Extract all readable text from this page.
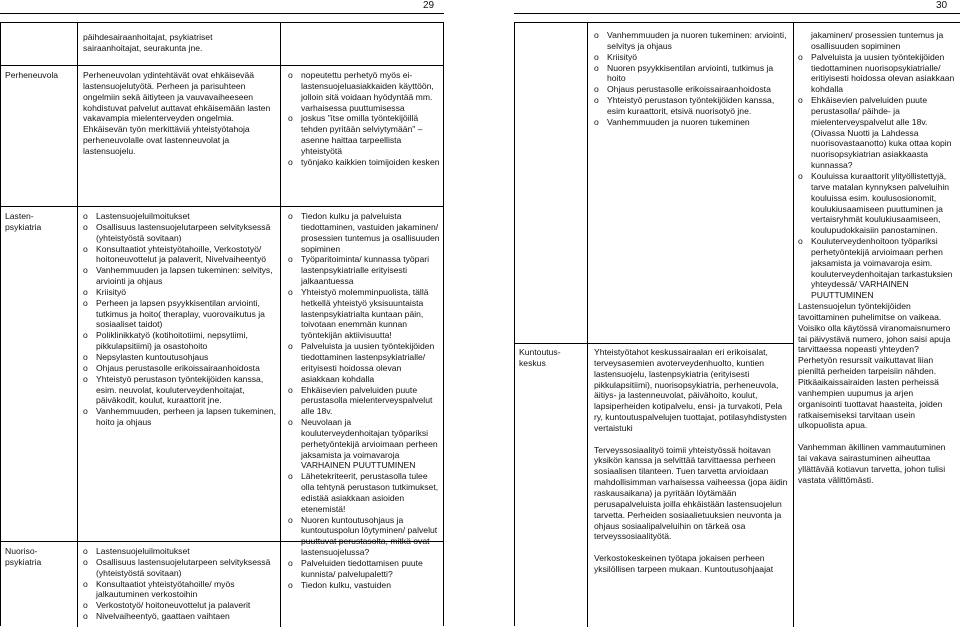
29	30

päihdesairaanhoitajat, psykiatriset

sairaanhoitajat, seurakunta jne.

Perheneuvola	Perheneuvolan ydintehtävät ovat ehkäisevää lastensuojelutyötä. Perheen ja parisuhteen ongelmiin sekä äitiyteen ja vauvavaiheeseen kohdistuvat palvelut auttavat ehkäisemään lasten vakavampia mielenterveyden ongelmia. Ehkäisevän työn merkittäviä yhteistyötahoja perheneuvolalle ovat lastenneuvolat ja lastensuojelu.
o nopeutettu perhetyö myös ei-lastensuojeluasiakkaiden käyttöön, jolloin sitä voidaan hyödyntää mm. varhaisessa puuttumisessa
o joskus "itse omilla työntekijöillä tehden pyritään selviytymään" – asenne haittaa tarpeellista yhteistyötä
o työnjako kaikkien toimijoiden kesken
Lasten-psykiatria
o Lastensuojeluilmoitukset
o Osallisuus lastensuojelutarpeen selvityksessä (yhteistyöstä sovitaan)
o Konsultaatiot yhteistyötahoille, Verkostotyö/ hoitoneuvottelut ja palaverit, Nivelvaiheentyö
o Vanhemmuuden ja lapsen tukeminen: selvitys, arviointi ja ohjaus
o Kriisityö
o Perheen ja lapsen psyykkisentilan arviointi, tutkimus ja hoito( theraplay, vuorovaikutus ja sosiaaliset taidot)
o Poliklinikkatyö (kotihoitotiimi, nepsytiimi, pikkulapsitiimi) ja osastohoito
o Nepsylasten kuntoutusohjaus
o Ohjaus perustasolle erikoissairaanhoidosta
o Yhteistyö perustason työntekijöiden kanssa, esim. neuvolat, kouluterveydenhoitajat, päiväkodit, koulut, kuraattorit jne.
o Vanhemmuuden, perheen ja lapsen tukeminen, hoito ja ohjaus
o Tiedon kulku ja palveluista tiedottaminen, vastuiden jakaminen/ prosessien tuntemus ja osallisuuden sopiminen
o Työparitoiminta/ kunnassa työpari lastenpsykiatrialle erityisesti jalkaantuessa
o Yhteistyö molemminpuolista, tällä hetkellä yhteistyö yksisuuntaista lastenpsykiatrialta kuntaan päin, toivotaan enemmän kunnan työntekijän aktiivisuutta!
o Palveluista ja uusien työntekijöiden tiedottaminen lastenpsykiatrialle/ erityisesti hoidossa olevan asiakkaan kohdalla
o Ehkäisevien palveluiden puute perustasolla mielenterveyspalvelut alle 18v.
o Neuvolaan ja kouluterveydenhoitajan työpariksi perhetyöntekijä arvioimaan perheen jaksamista ja voimavaroja VARHAINEN PUUTTUMINEN
o Lähetekriteerit, perustasolla tulee olla tehtynä perustason tutkimukset, edistää asiakkaan asioiden etenemistä!
o Nuoren kuntoutusohjaus ja kuntoutuspolun löytyminen/ palvelut puuttuvat perustasolta, mitkä ovat lastensuojelussa?
o Palveluiden tiedottamisen puute kunnista/ palvelupaletti?
o Tiedon kulku, vastuiden
Nuoriso-psykiatria
o Lastensuojeluilmoitukset
o Osallisuus lastensuojelutarpeen selvityksessä (yhteistyöstä sovitaan)
o Konsultaatiot yhteistyötahoille/ myös jalkautuminen verkostoihin
o Verkostotyö/ hoitoneuvottelut ja palaverit
o Nivelvaiheentyö, gaattaen vaihtaen
o Vanhemmuuden ja nuoren tukeminen: arviointi, selvitys ja ohjaus
o Kriisityö
o Nuoren psyykkisentilan arviointi, tutkimus ja hoito
o Ohjaus perustasolle erikoissairaanhoidosta
o Yhteistyö perustason työntekijöiden kanssa, esim kuraattorit, etsivä nuorisotyö jne.
o Vanhemmuuden ja nuoren tukeminen
jakaminen/ prosessien tuntemus ja osallisuuden sopiminen
o Palveluista ja uusien työntekijöiden tiedottaminen nuorisopsykiatrialle/ eritiyisesti hoidossa olevan asiakkaan kohdalla
o Ehkäisevien palveluiden puute perustasolla/ päihde- ja mielenterveyspalvelut alle 18v. (Oivassa Nuotti ja Lahdessa nuorisovastaanotto) kuka ottaa kopin nuorisopsykiatrian asiakkaasta kunnassa?
o Kouluissa kuraattorit ylityöllistettyjä, tarve matalan kynnyksen palveluihin kouluissa esim. koulusosionomit, koulukiusaamiseen puuttuminen ja vertaisryhmät koulukiusaamiseen, koulupudokkaisiin panostaminen.
o Kouluterveydenhoitoon työpariksi perhetyöntekijä arvioimaan perhen jaksamista ja voimavaroja esim. kouluterveydenhoitajan tarkastuksien yhteydessä/ VARHAINEN PUUTTUMINEN

Lastensuojelun työntekijöiden tavoittaminen puhelimitse on vaikeaa. Voisiko olla käytössä viranomaisnumero tai päivystävä numero, johon saisi apuja tarvittaessa nopeasti yhteyden?

Perhetyön resurssit vaikuttavat liian pieniltä perheiden tarpeisiin nähden. Pitkäaikaissairaiden lasten perheissä vanhempien uupumus ja arjen organisointi tuottavat haasteita, joiden ratkaisemiseksi tarvitaan usein ulkopuolista apua.

Vanhemman äkillinen vammautuminen tai vakava sairastuminen aiheuttaa yllättävää kotiavun tarvetta, johon tulisi vastata välittömästi.

Kuntoutus-keskus

Yhteistyötahot keskussairaalan eri erikoisalat, terveysasemien avoterveydenhuolto, kuntien lastensuojelu, lastenpsykiatria (erityisesti pikkulapsitiimi), nuorisopsykiatria, perheneuvola, äitiys- ja lastenneuvolat, päivähoito, koulut, lapsiperheiden kotipalvelu, ensi- ja turvakoti, Pela ry, kuntoutuspalvelujen tuottajat, potilasyhdistysten vertaistuki

Terveyssosiaalityö toimii yhteistyössä hoitavan yksikön kanssa ja selvittää tarvittaessa perheen sosiaalisen tilanteen. Tuen tarvetta arvioidaan mahdollisimman varhaisessa vaiheessa (jopa äidin raskausaikana) ja pyritään löytämään perusapalveluista joilla ehkäistään lastensuojelun tarvetta. Perheiden sosiaalietuuksien neuvonta ja ohjaus sosiaalipalveluihin on tärkeä osa terveyssosiaalityötä.

Verkostokeskeinen työtapa jokaisen perheen yksilöllisen tarpeen mukaan. Kuntoutusohjaajat
